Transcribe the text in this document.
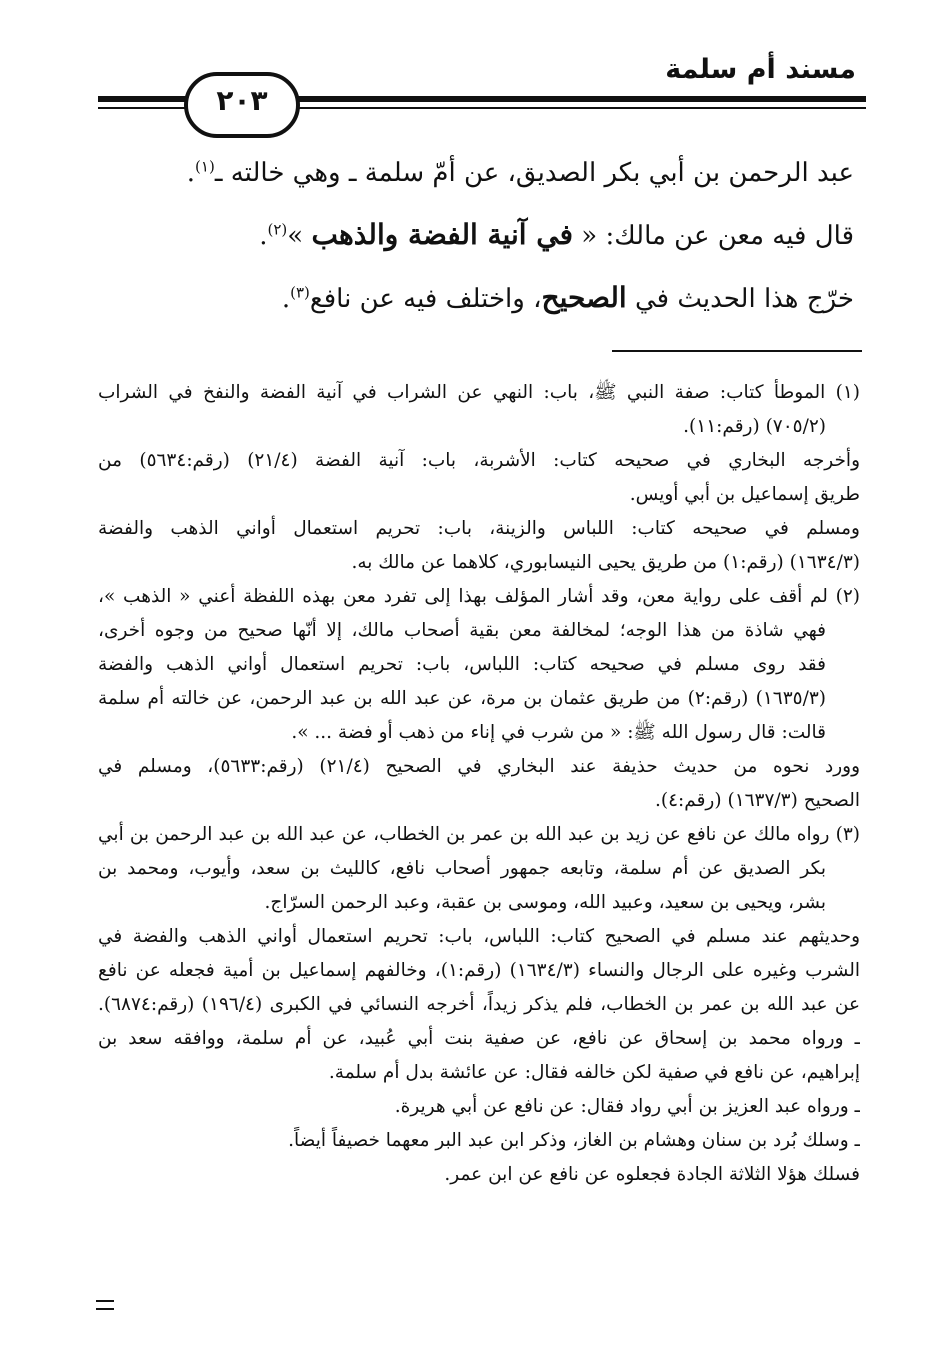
مسند أم سلمة
٢٠٣
عبد الرحمن بن أبي بكر الصديق، عن أمّ سلمة ـ وهي خالته ـ$^{(١)}$.
قال فيه معن عن مالك: « في آنية الفضة والذهب »$^{(٢)}$.
خرّج هذا الحديث في الصحيح، واختلف فيه عن نافع$^{(٣)}$.
(١) الموطأ كتاب: صفة النبي ﷺ، باب: النهي عن الشراب في آنية الفضة والنفخ في الشراب
(٧٠٥/٢) (رقم:١١).
وأخرجه البخاري في صحيحه كتاب: الأشربة، باب: آنية الفضة (٢١/٤) (رقم:٥٦٣٤) من
طريق إسماعيل بن أبي أويس.
ومسلم في صحيحه كتاب: اللباس والزينة، باب: تحريم استعمال أواني الذهب والفضة
(١٦٣٤/٣) (رقم:١) من طريق يحيى النيسابوري، كلاهما عن مالك به.
(٢) لم أقف على رواية معن، وقد أشار المؤلف بهذا إلى تفرد معن بهذه اللفظة أعني « الذهب »،
فهي شاذة من هذا الوجه؛ لمخالفة معن بقية أصحاب مالك، إلا أنّها صحيح من وجوه أخرى،
فقد روى مسلم في صحيحه كتاب: اللباس، باب: تحريم استعمال أواني الذهب والفضة
(١٦٣٥/٣) (رقم:٢) من طريق عثمان بن مرة، عن عبد الله بن عبد الرحمن، عن خالته أم سلمة
قالت: قال رسول الله ﷺ: « من شرب في إناء من ذهب أو فضة ... ».
وورد نحوه من حديث حذيفة عند البخاري في الصحيح (٢١/٤) (رقم:٥٦٣٣)، ومسلم في
الصحيح (١٦٣٧/٣) (رقم:٤).
(٣) رواه مالك عن نافع عن زيد بن عبد الله بن عمر بن الخطاب، عن عبد الله بن عبد الرحمن بن أبي
بكر الصديق عن أم سلمة، وتابعه جمهور أصحاب نافع، كالليث بن سعد، وأيوب، ومحمد بن
بشر، ويحيى بن سعيد، وعبيد الله، وموسى بن عقبة، وعبد الرحمن السرّاج.
وحديثهم عند مسلم في الصحيح كتاب: اللباس، باب: تحريم استعمال أواني الذهب والفضة في
الشرب وغيره على الرجال والنساء (١٦٣٤/٣) (رقم:١)، وخالفهم إسماعيل بن أمية فجعله عن نافع
عن عبد الله بن عمر بن الخطاب، فلم يذكر زيداً، أخرجه النسائي في الكبرى (١٩٦/٤) (رقم:٦٨٧٤).
ـ ورواه محمد بن إسحاق عن نافع، عن صفية بنت أبي عُبيد، عن أم سلمة، ووافقه سعد بن
إبراهيم، عن نافع في صفية لكن خالفه فقال: عن عائشة بدل أم سلمة.
ـ ورواه عبد العزيز بن أبي رواد فقال: عن نافع عن أبي هريرة.
ـ وسلك بُرد بن سنان وهشام بن الغاز، وذكر ابن عبد البر معهما خصيفاً أيضاً.
فسلك هؤلا الثلاثة الجادة فجعلوه عن نافع عن ابن عمر.
